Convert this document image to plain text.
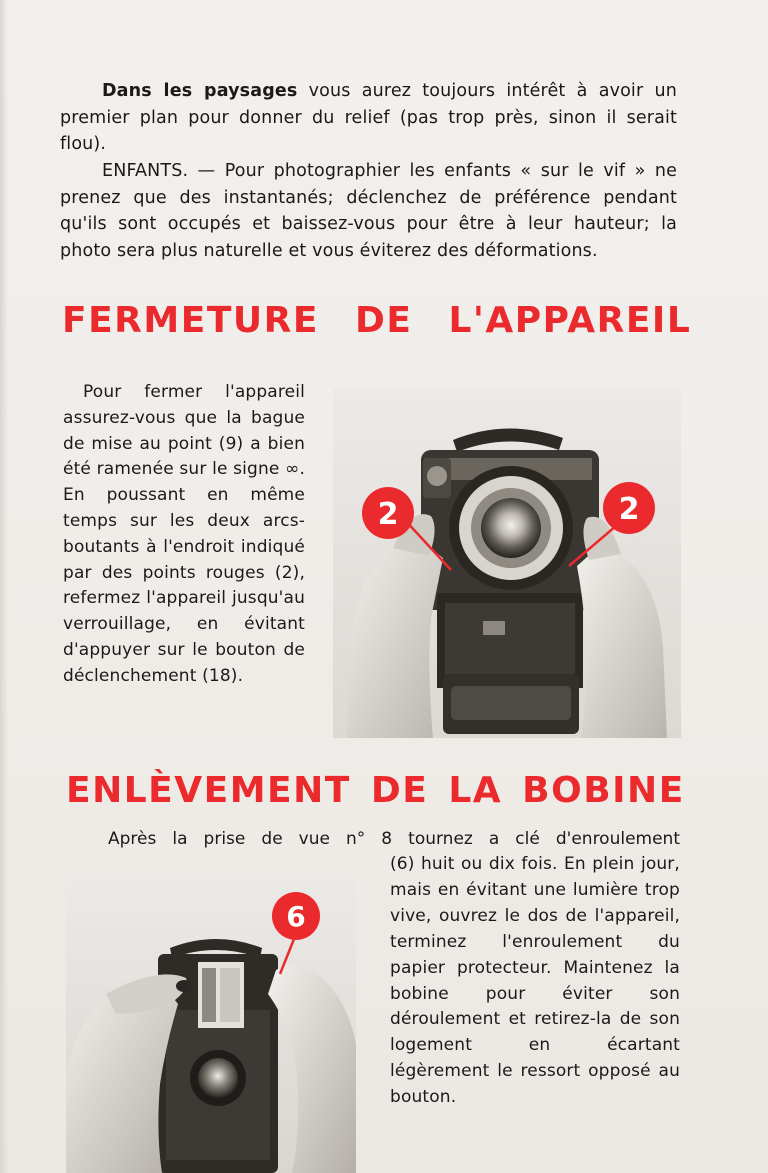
Dans les paysages vous aurez toujours intérêt à avoir un premier plan pour donner du relief (pas trop près, sinon il serait flou).

ENFANTS. — Pour photographier les enfants « sur le vif » ne prenez que des instantanés; déclenchez de préférence pendant qu'ils sont occupés et baissez-vous pour être à leur hauteur; la photo sera plus naturelle et vous éviterez des déformations.

FERMETURE DE L'APPAREIL

Pour fermer l'appareil assurez-vous que la bague de mise au point (9) a bien été ramenée sur le signe ∞. En poussant en même temps sur les deux arcs-boutants à l'endroit indiqué par des points rouges (2), refermez l'appareil jusqu'au verrouillage, en évitant d'appuyer sur le bouton de déclenchement (18).

2	2
ENLÈVEMENT DE LA BOBINE

Après la prise de vue n° 8 tournez a clé d'enroulement

(6) huit ou dix fois. En plein jour, mais en évitant une lumière trop vive, ouvrez le dos de l'appareil, terminez l'enroulement du papier protecteur. Maintenez la bobine pour éviter son déroulement et retirez-la de son logement en écartant légèrement le ressort opposé au bouton.

6
